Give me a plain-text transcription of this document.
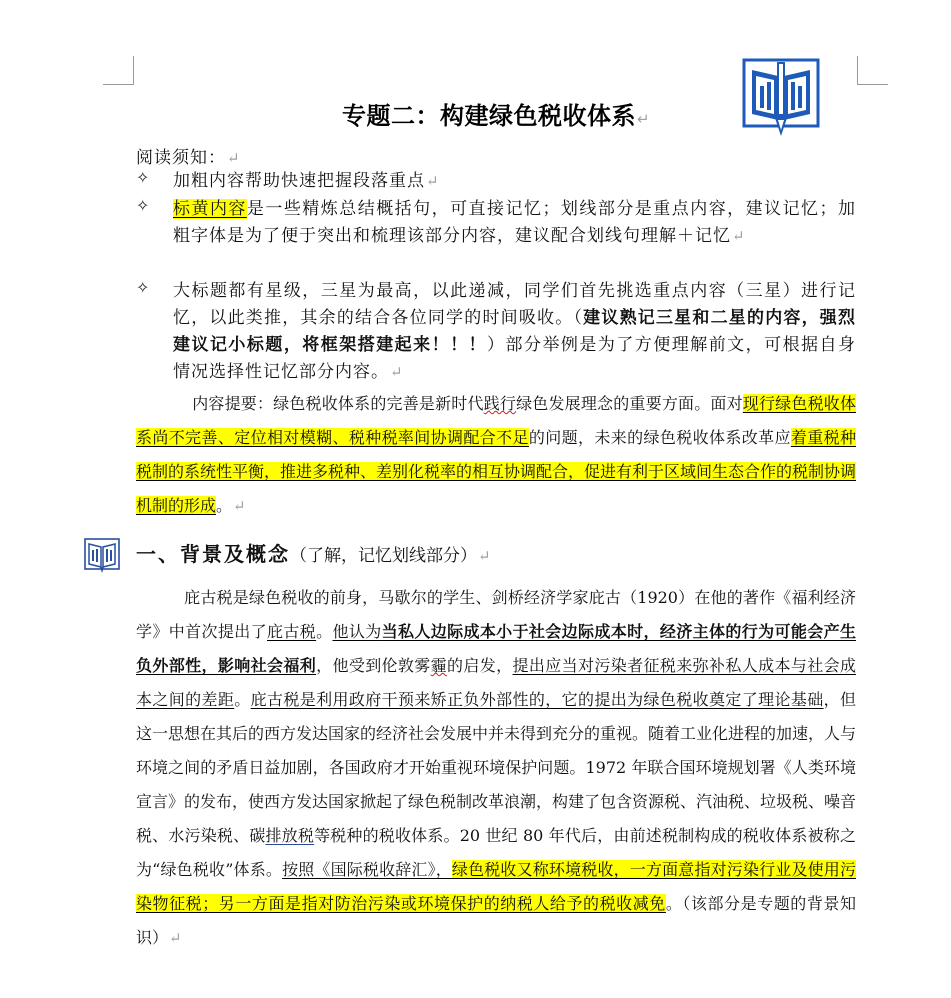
专题二：构建绿色税收体系↵
阅读须知：↵
✧ 加粗内容帮助快速把握段落重点↵
✧ 标黄内容是一些精炼总结概括句，可直接记忆；划线部分是重点内容，建议记忆；加粗字体是为了便于突出和梳理该部分内容，建议配合划线句理解＋记忆↵
✧ 大标题都有星级，三星为最高，以此递减，同学们首先挑选重点内容（三星）进行记忆，以此类推，其余的结合各位同学的时间吸收。（建议熟记三星和二星的内容，强烈建议记小标题，将框架搭建起来！！！）部分举例是为了方便理解前文，可根据自身情况选择性记忆部分内容。↵
内容提要：绿色税收体系的完善是新时代践行绿色发展理念的重要方面。面对现行绿色税收体系尚不完善、定位相对模糊、税种税率间协调配合不足的问题，未来的绿色税收体系改革应着重税种税制的系统性平衡，推进多税种、差别化税率的相互协调配合，促进有利于区域间生态合作的税制协调机制的形成。↵
一、背景及概念（了解，记忆划线部分）↵
庇古税是绿色税收的前身，马歇尔的学生、剑桥经济学家庇古（1920）在他的著作《福利经济学》中首次提出了庇古税。他认为当私人边际成本小于社会边际成本时，经济主体的行为可能会产生负外部性，影响社会福利，他受到伦敦雾霾的启发，提出应当对污染者征税来弥补私人成本与社会成本之间的差距。庇古税是利用政府干预来矫正负外部性的，它的提出为绿色税收奠定了理论基础，但这一思想在其后的西方发达国家的经济社会发展中并未得到充分的重视。随着工业化进程的加速，人与环境之间的矛盾日益加剧，各国政府才开始重视环境保护问题。1972 年联合国环境规划署《人类环境宣言》的发布，使西方发达国家掀起了绿色税制改革浪潮，构建了包含资源税、汽油税、垃圾税、噪音税、水污染税、碳排放税等税种的税收体系。20 世纪 80 年代后，由前述税制构成的税收体系被称之为“绿色税收”体系。按照《国际税收辞汇》，绿色税收又称环境税收，一方面意指对污染行业及使用污染物征税；另一方面是指对防治污染或环境保护的纳税人给予的税收减免。（该部分是专题的背景知识）↵
